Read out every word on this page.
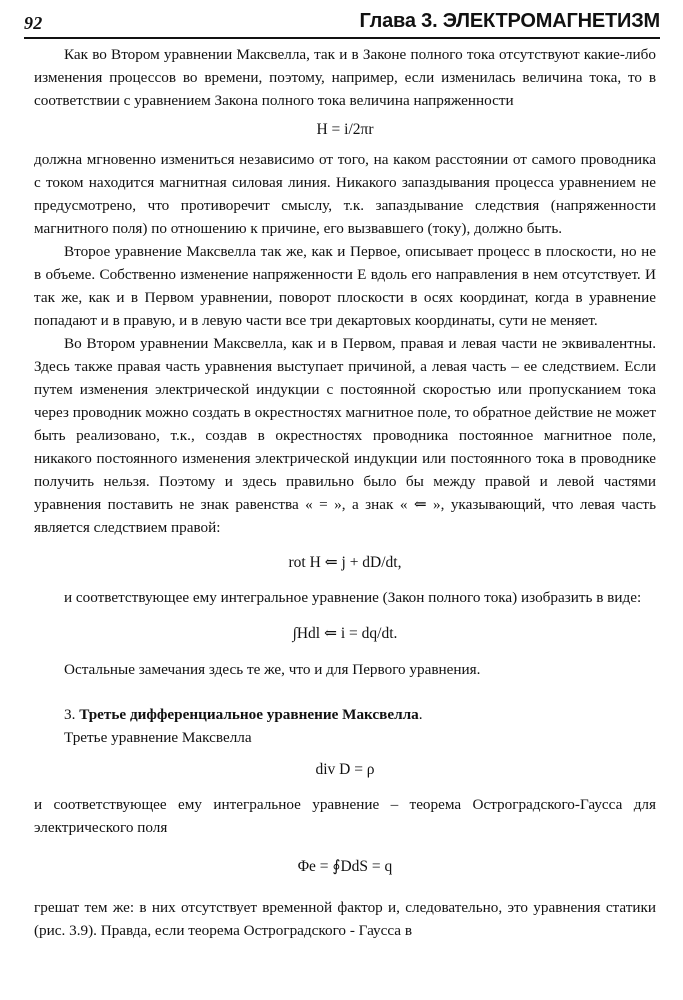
92	Глава 3. ЭЛЕКТРОМАГНЕТИЗМ

Как во Втором уравнении Максвелла, так и в Законе полного тока отсутствуют какие-либо изменения процессов во времени, поэтому, например, если изменилась величина тока, то в соответствии с уравнением Закона полного тока величина напряженности

H = i/2πr

должна мгновенно измениться независимо от того, на каком расстоянии от самого проводника с током находится магнитная силовая линия. Никакого запаздывания процесса уравнением не предусмотрено, что противоречит смыслу, т.к. запаздывание следствия (напряженности магнитного поля) по отношению к причине, его вызвавшего (току), должно быть.

Второе уравнение Максвелла так же, как и Первое, описывает процесс в плоскости, но не в объеме. Собственно изменение напряженности E вдоль его направления в нем отсутствует. И так же, как и в Первом уравнении, поворот плоскости в осях координат, когда в уравнение попадают и в правую, и в левую части все три декартовых координаты, сути не меняет.

Во Втором уравнении Максвелла, как и в Первом, правая и левая части не эквивалентны. Здесь также правая часть уравнения выступает причиной, а левая часть – ее следствием. Если путем изменения электрической индукции с постоянной скоростью или пропусканием тока через проводник можно создать в окрестностях магнитное поле, то обратное действие не может быть реализовано, т.к., создав в окрестностях проводника постоянное магнитное поле, никакого постоянного изменения электрической индукции или постоянного тока в проводнике получить нельзя. Поэтому и здесь правильно было бы между правой и левой частями уравнения поставить не знак равенства « = », а знак « ⇐ », указывающий, что левая часть является следствием правой:

rot H ⇐ j + dD/dt,

и соответствующее ему интегральное уравнение (Закон полного тока) изобразить в виде:

∫Hdl ⇐ i = dq/dt.

Остальные замечания здесь те же, что и для Первого уравнения.

3. Третье дифференциальное уравнение Максвелла.

Третье уравнение Максвелла

div D = ρ

и соответствующее ему интегральное уравнение – теорема Остроградского-Гаусса для электрического поля

Φe = ∮DdS = q

грешат тем же: в них отсутствует временной фактор и, следовательно, это уравнения статики (рис. 3.9). Правда, если теорема Остроградского - Гаусса в
